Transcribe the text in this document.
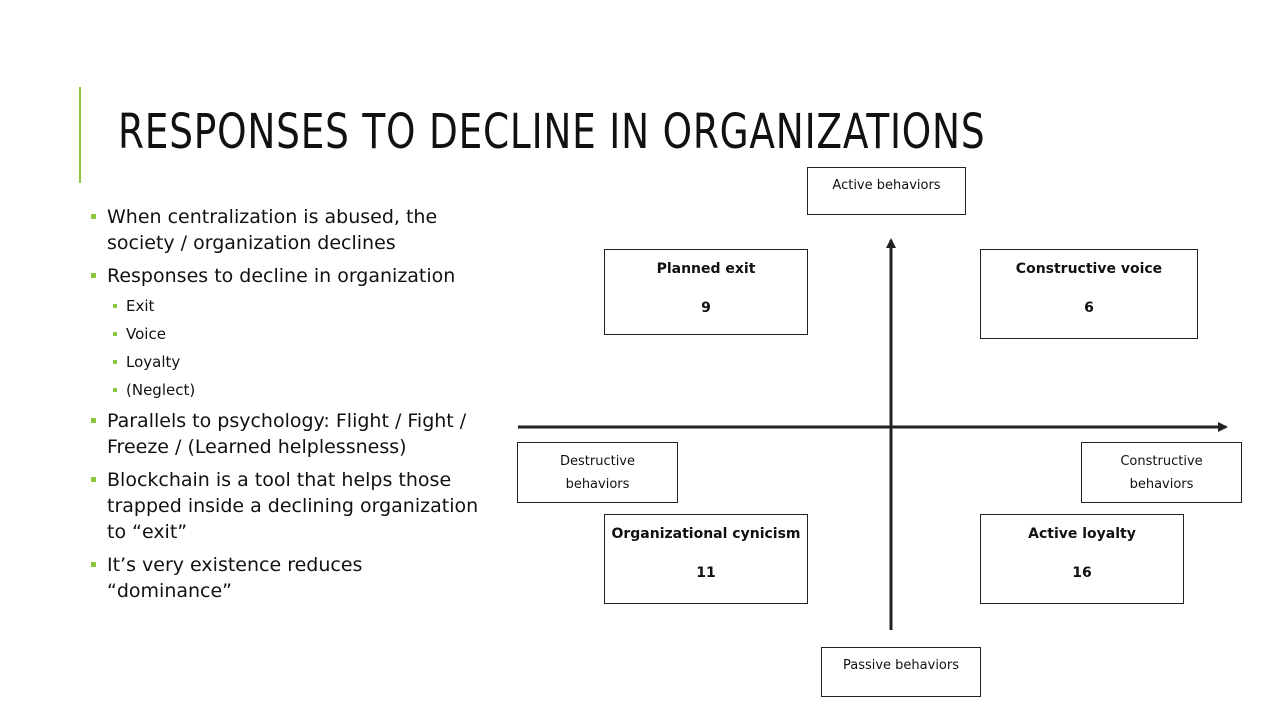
RESPONSES TO DECLINE IN ORGANIZATIONS
When centralization is abused, the society / organization declines
Responses to decline in organization
Exit
Voice
Loyalty
(Neglect)
Parallels to psychology: Flight / Fight / Freeze / (Learned helplessness)
Blockchain is a tool that helps those trapped inside a declining organization to “exit”
It’s very existence reduces “dominance”
Active behaviors
Passive behaviors
Destructive
behaviors
Constructive
behaviors
Planned exit
9
Constructive voice
6
Organizational cynicism
11
Active loyalty
16
